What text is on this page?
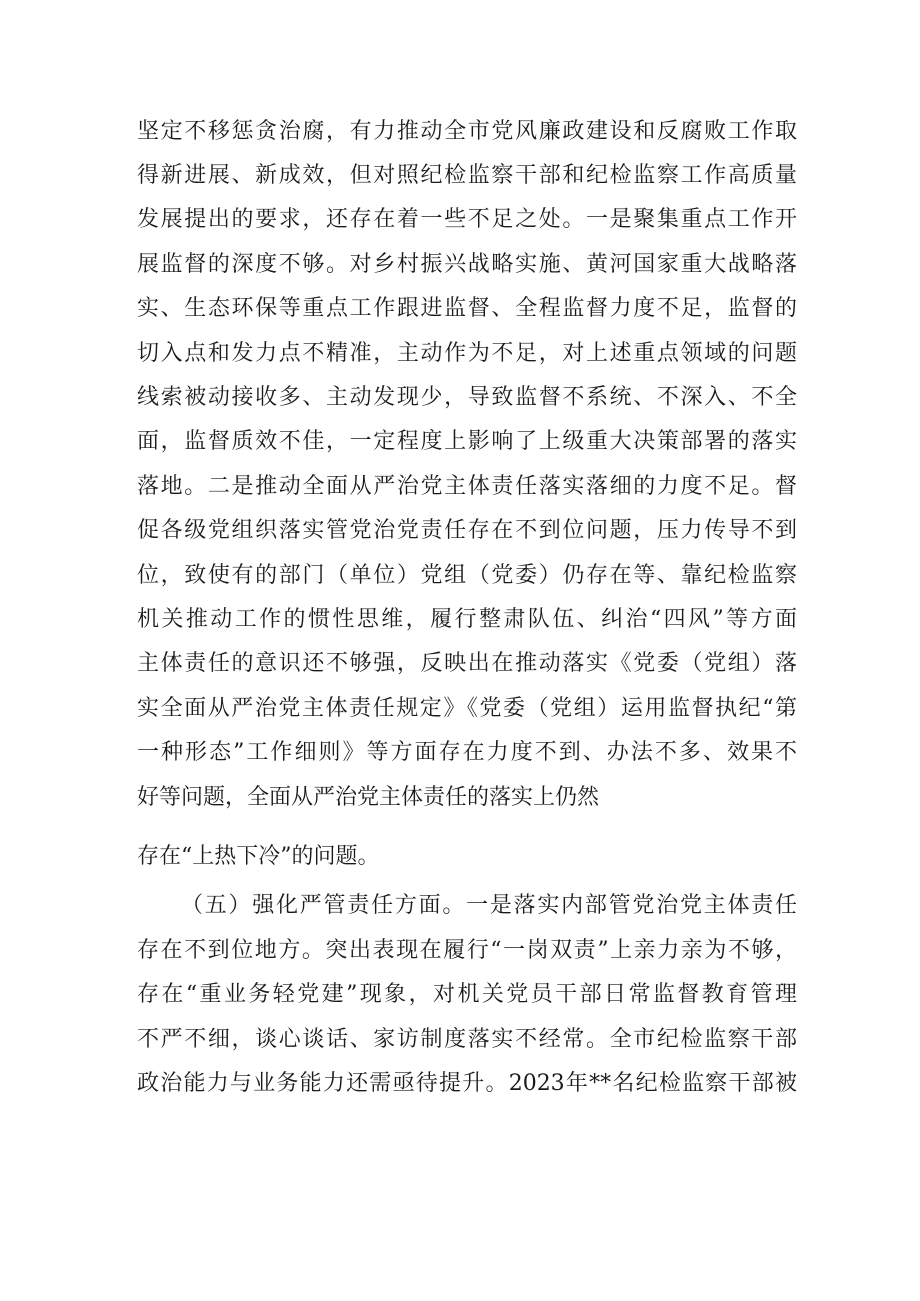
坚定不移惩贪治腐，有力推动全市党风廉政建设和反腐败工作取
得新进展、新成效，但对照纪检监察干部和纪检监察工作高质量
发展提出的要求，还存在着一些不足之处。一是聚集重点工作开
展监督的深度不够。对乡村振兴战略实施、黄河国家重大战略落
实、生态环保等重点工作跟进监督、全程监督力度不足，监督的
切入点和发力点不精准，主动作为不足，对上述重点领域的问题
线索被动接收多、主动发现少，导致监督不系统、不深入、不全
面，监督质效不佳，一定程度上影响了上级重大决策部署的落实
落地。二是推动全面从严治党主体责任落实落细的力度不足。督
促各级党组织落实管党治党责任存在不到位问题，压力传导不到
位，致使有的部门（单位）党组（党委）仍存在等、靠纪检监察
机关推动工作的惯性思维，履行整肃队伍、纠治“四风”等方面
主体责任的意识还不够强，反映出在推动落实《党委（党组）落
实全面从严治党主体责任规定》《党委（党组）运用监督执纪“第
一种形态”工作细则》等方面存在力度不到、办法不多、效果不
好等问题，全面从严治党主体责任的落实上仍然
存在“上热下冷”的问题。
（五）强化严管责任方面。一是落实内部管党治党主体责任
存在不到位地方。突出表现在履行“一岗双责”上亲力亲为不够，
存在“重业务轻党建”现象，对机关党员干部日常监督教育管理
不严不细，谈心谈话、家访制度落实不经常。全市纪检监察干部
政治能力与业务能力还需亟待提升。2023年**名纪检监察干部被
